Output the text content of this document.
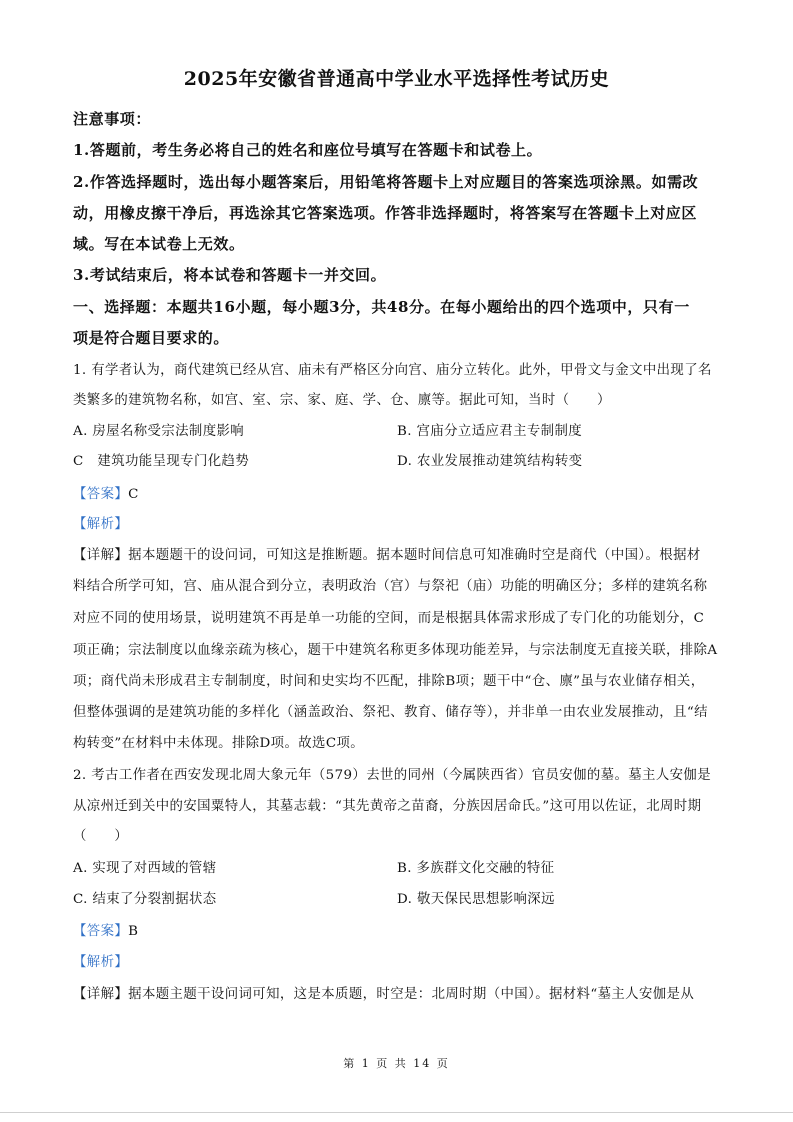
2025年安徽省普通高中学业水平选择性考试历史
注意事项：
1.答题前，考生务必将自己的姓名和座位号填写在答题卡和试卷上。
2.作答选择题时，选出每小题答案后，用铅笔将答题卡上对应题目的答案选项涂黑。如需改
动，用橡皮擦干净后，再选涂其它答案选项。作答非选择题时，将答案写在答题卡上对应区
域。写在本试卷上无效。
3.考试结束后，将本试卷和答题卡一并交回。
一、选择题：本题共16小题，每小题3分，共48分。在每小题给出的四个选项中，只有一
项是符合题目要求的。
1. 有学者认为，商代建筑已经从宫、庙未有严格区分向宫、庙分立转化。此外，甲骨文与金文中出现了名
类繁多的建筑物名称，如宫、室、宗、家、庭、学、仓、廪等。据此可知，当时（　　）
A. 房屋名称受宗法制度影响	B. 宫庙分立适应君主专制制度
C　建筑功能呈现专门化趋势	D. 农业发展推动建筑结构转变
【答案】C
【解析】
【详解】据本题题干的设问词，可知这是推断题。据本题时间信息可知准确时空是商代（中国）。根据材
料结合所学可知，宫、庙从混合到分立，表明政治（宫）与祭祀（庙）功能的明确区分；多样的建筑名称
对应不同的使用场景，说明建筑不再是单一功能的空间，而是根据具体需求形成了专门化的功能划分，C
项正确；宗法制度以血缘亲疏为核心，题干中建筑名称更多体现功能差异，与宗法制度无直接关联，排除A
项；商代尚未形成君主专制制度，时间和史实均不匹配，排除B项；题干中“仓、廪”虽与农业储存相关，
但整体强调的是建筑功能的多样化（涵盖政治、祭祀、教育、储存等），并非单一由农业发展推动，且“结
构转变”在材料中未体现。排除D项。故选C项。
2. 考古工作者在西安发现北周大象元年（579）去世的同州（今属陕西省）官员安伽的墓。墓主人安伽是
从凉州迁到关中的安国粟特人，其墓志载：“其先黄帝之苗裔，分族因居命氏。”这可用以佐证，北周时期
（　　）
A. 实现了对西域的管辖	B. 多族群文化交融的特征
C. 结束了分裂割据状态	D. 敬天保民思想影响深远
【答案】B
【解析】
【详解】据本题主题干设问词可知，这是本质题，时空是：北周时期（中国）。据材料“墓主人安伽是从
第 1 页 共 14 页
